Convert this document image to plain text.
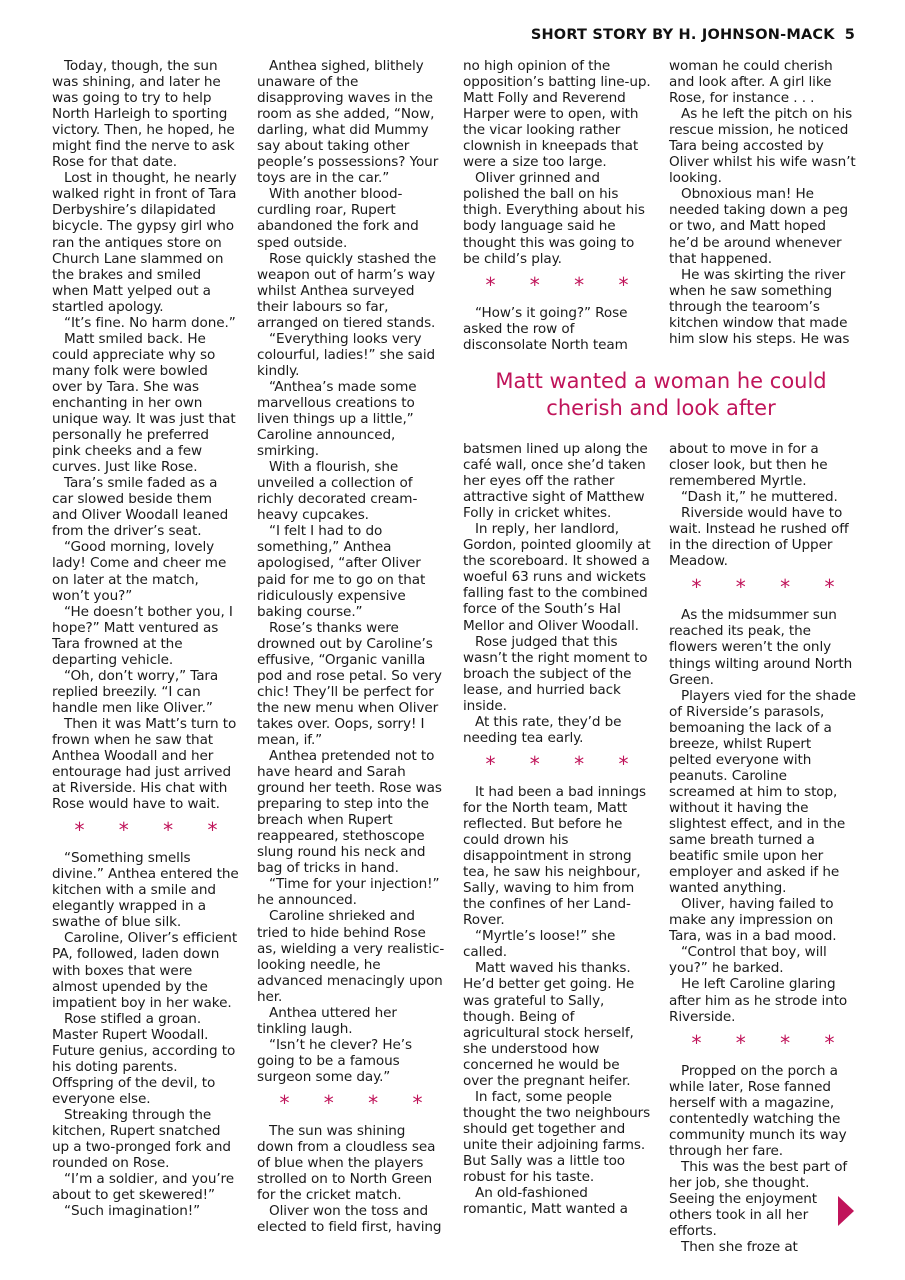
SHORT STORY BY H. JOHNSON-MACK 5

Today, though, the sun was shining, and later he was going to try to help North Harleigh to sporting victory. Then, he hoped, he might find the nerve to ask Rose for that date.

Lost in thought, he nearly walked right in front of Tara Derbyshire’s dilapidated bicycle. The gypsy girl who ran the antiques store on Church Lane slammed on the brakes and smiled when Matt yelped out a startled apology.

“It’s fine. No harm done.”

Matt smiled back. He could appreciate why so many folk were bowled over by Tara. She was enchanting in her own unique way. It was just that personally he preferred pink cheeks and a few curves. Just like Rose.

Tara’s smile faded as a car slowed beside them and Oliver Woodall leaned from the driver’s seat.

“Good morning, lovely lady! Come and cheer me on later at the match, won’t you?”

“He doesn’t bother you, I hope?” Matt ventured as Tara frowned at the departing vehicle.

“Oh, don’t worry,” Tara replied breezily. “I can handle men like Oliver.”

Then it was Matt’s turn to frown when he saw that Anthea Woodall and her entourage had just arrived at Riverside. His chat with Rose would have to wait.

* * * *

“Something smells divine.” Anthea entered the kitchen with a smile and elegantly wrapped in a swathe of blue silk.

Caroline, Oliver’s efficient PA, followed, laden down with boxes that were almost upended by the impatient boy in her wake.

Rose stifled a groan. Master Rupert Woodall. Future genius, according to his doting parents. Offspring of the devil, to everyone else.

Streaking through the kitchen, Rupert snatched up a two-pronged fork and rounded on Rose.

“I’m a soldier, and you’re about to get skewered!”

“Such imagination!”

Anthea sighed, blithely unaware of the disapproving waves in the room as she added, “Now, darling, what did Mummy say about taking other people’s possessions? Your toys are in the car.”

With another blood-curdling roar, Rupert abandoned the fork and sped outside.

Rose quickly stashed the weapon out of harm’s way whilst Anthea surveyed their labours so far, arranged on tiered stands.

“Everything looks very colourful, ladies!” she said kindly.

“Anthea’s made some marvellous creations to liven things up a little,” Caroline announced, smirking.

With a flourish, she unveiled a collection of richly decorated cream-heavy cupcakes.

“I felt I had to do something,” Anthea apologised, “after Oliver paid for me to go on that ridiculously expensive baking course.”

Rose’s thanks were drowned out by Caroline’s effusive, “Organic vanilla pod and rose petal. So very chic! They’ll be perfect for the new menu when Oliver takes over. Oops, sorry! I mean, if.”

Anthea pretended not to have heard and Sarah ground her teeth. Rose was preparing to step into the breach when Rupert reappeared, stethoscope slung round his neck and bag of tricks in hand.

“Time for your injection!” he announced.

Caroline shrieked and tried to hide behind Rose as, wielding a very realistic-looking needle, he advanced menacingly upon her.

Anthea uttered her tinkling laugh.

“Isn’t he clever? He’s going to be a famous surgeon some day.”

* * * *

The sun was shining down from a cloudless sea of blue when the players strolled on to North Green for the cricket match.

Oliver won the toss and elected to field first, having

no high opinion of the opposition’s batting line-up. Matt Folly and Reverend Harper were to open, with the vicar looking rather clownish in kneepads that were a size too large.

Oliver grinned and polished the ball on his thigh. Everything about his body language said he thought this was going to be child’s play.

* * * *

“How’s it going?” Rose asked the row of disconsolate North team

woman he could cherish and look after. A girl like Rose, for instance . . .

As he left the pitch on his rescue mission, he noticed Tara being accosted by Oliver whilst his wife wasn’t looking.

Obnoxious man! He needed taking down a peg or two, and Matt hoped he’d be around whenever that happened.

He was skirting the river when he saw something through the tearoom’s kitchen window that made him slow his steps. He was

Matt wanted a woman he could cherish and look after

batsmen lined up along the café wall, once she’d taken her eyes off the rather attractive sight of Matthew Folly in cricket whites.

In reply, her landlord, Gordon, pointed gloomily at the scoreboard. It showed a woeful 63 runs and wickets falling fast to the combined force of the South’s Hal Mellor and Oliver Woodall.

Rose judged that this wasn’t the right moment to broach the subject of the lease, and hurried back inside.

At this rate, they’d be needing tea early.

* * * *

It had been a bad innings for the North team, Matt reflected. But before he could drown his disappointment in strong tea, he saw his neighbour, Sally, waving to him from the confines of her Land-Rover.

“Myrtle’s loose!” she called.

Matt waved his thanks. He’d better get going. He was grateful to Sally, though. Being of agricultural stock herself, she understood how concerned he would be over the pregnant heifer.

In fact, some people thought the two neighbours should get together and unite their adjoining farms. But Sally was a little too robust for his taste.

An old-fashioned romantic, Matt wanted a

about to move in for a closer look, but then he remembered Myrtle.

“Dash it,” he muttered.

Riverside would have to wait. Instead he rushed off in the direction of Upper Meadow.

* * * *

As the midsummer sun reached its peak, the flowers weren’t the only things wilting around North Green.

Players vied for the shade of Riverside’s parasols, bemoaning the lack of a breeze, whilst Rupert pelted everyone with peanuts. Caroline screamed at him to stop, without it having the slightest effect, and in the same breath turned a beatific smile upon her employer and asked if he wanted anything.

Oliver, having failed to make any impression on Tara, was in a bad mood.

“Control that boy, will you?” he barked.

He left Caroline glaring after him as he strode into Riverside.

* * * *

Propped on the porch a while later, Rose fanned herself with a magazine, contentedly watching the community munch its way through her fare.

This was the best part of her job, she thought. Seeing the enjoyment others took in all her efforts.

Then she froze at
